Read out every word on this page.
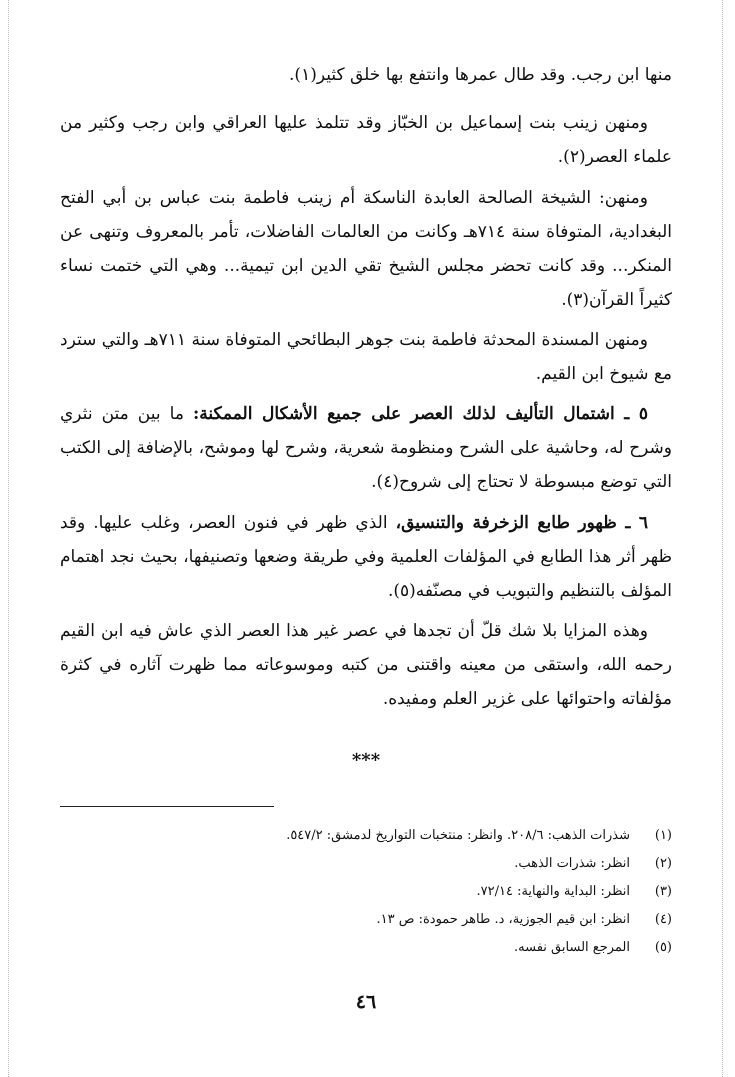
منها ابن رجب. وقد طال عمرها وانتفع بها خلق كثير(١).

ومنهن زينب بنت إسماعيل بن الخبّاز وقد تتلمذ عليها العراقي وابن رجب وكثير من علماء العصر(٢).

ومنهن: الشيخة الصالحة العابدة الناسكة أم زينب فاطمة بنت عباس بن أبي الفتح البغدادية، المتوفاة سنة ٧١٤هـ وكانت من العالمات الفاضلات، تأمر بالمعروف وتنهى عن المنكر... وقد كانت تحضر مجلس الشيخ تقي الدين ابن تيمية... وهي التي ختمت نساء كثيراً القرآن(٣).

ومنهن المسندة المحدثة فاطمة بنت جوهر البطائحي المتوفاة سنة ٧١١هـ والتي سترد مع شيوخ ابن القيم.

٥ ـ اشتمال التأليف لذلك العصر على جميع الأشكال الممكنة: ما بين متن نثري وشرح له، وحاشية على الشرح ومنظومة شعرية، وشرح لها وموشح، بالإضافة إلى الكتب التي توضع مبسوطة لا تحتاج إلى شروح(٤).

٦ ـ ظهور طابع الزخرفة والتنسيق، الذي ظهر في فنون العصر، وغلب عليها. وقد ظهر أثر هذا الطابع في المؤلفات العلمية وفي طريقة وضعها وتصنيفها، بحيث نجد اهتمام المؤلف بالتنظيم والتبويب في مصنّفه(٥).

وهذه المزايا بلا شك قلّ أن تجدها في عصر غير هذا العصر الذي عاش فيه ابن القيم رحمه الله، واستقى من معينه واقتنى من كتبه وموسوعاته مما ظهرت آثاره في كثرة مؤلفاته واحتوائها على غزير العلم ومفيده.

⁎⁎⁎
(١)
شذرات الذهب: ٢٠٨/٦. وانظر: منتخبات التواريخ لدمشق: ٥٤٧/٢.
(٢)
انظر: شذرات الذهب.
(٣)
انظر: البداية والنهاية: ٧٢/١٤.
(٤)
انظر: ابن قيم الجوزية، د. طاهر حمودة: ص ١٣.
(٥)
المرجع السابق نفسه.
٤٦
